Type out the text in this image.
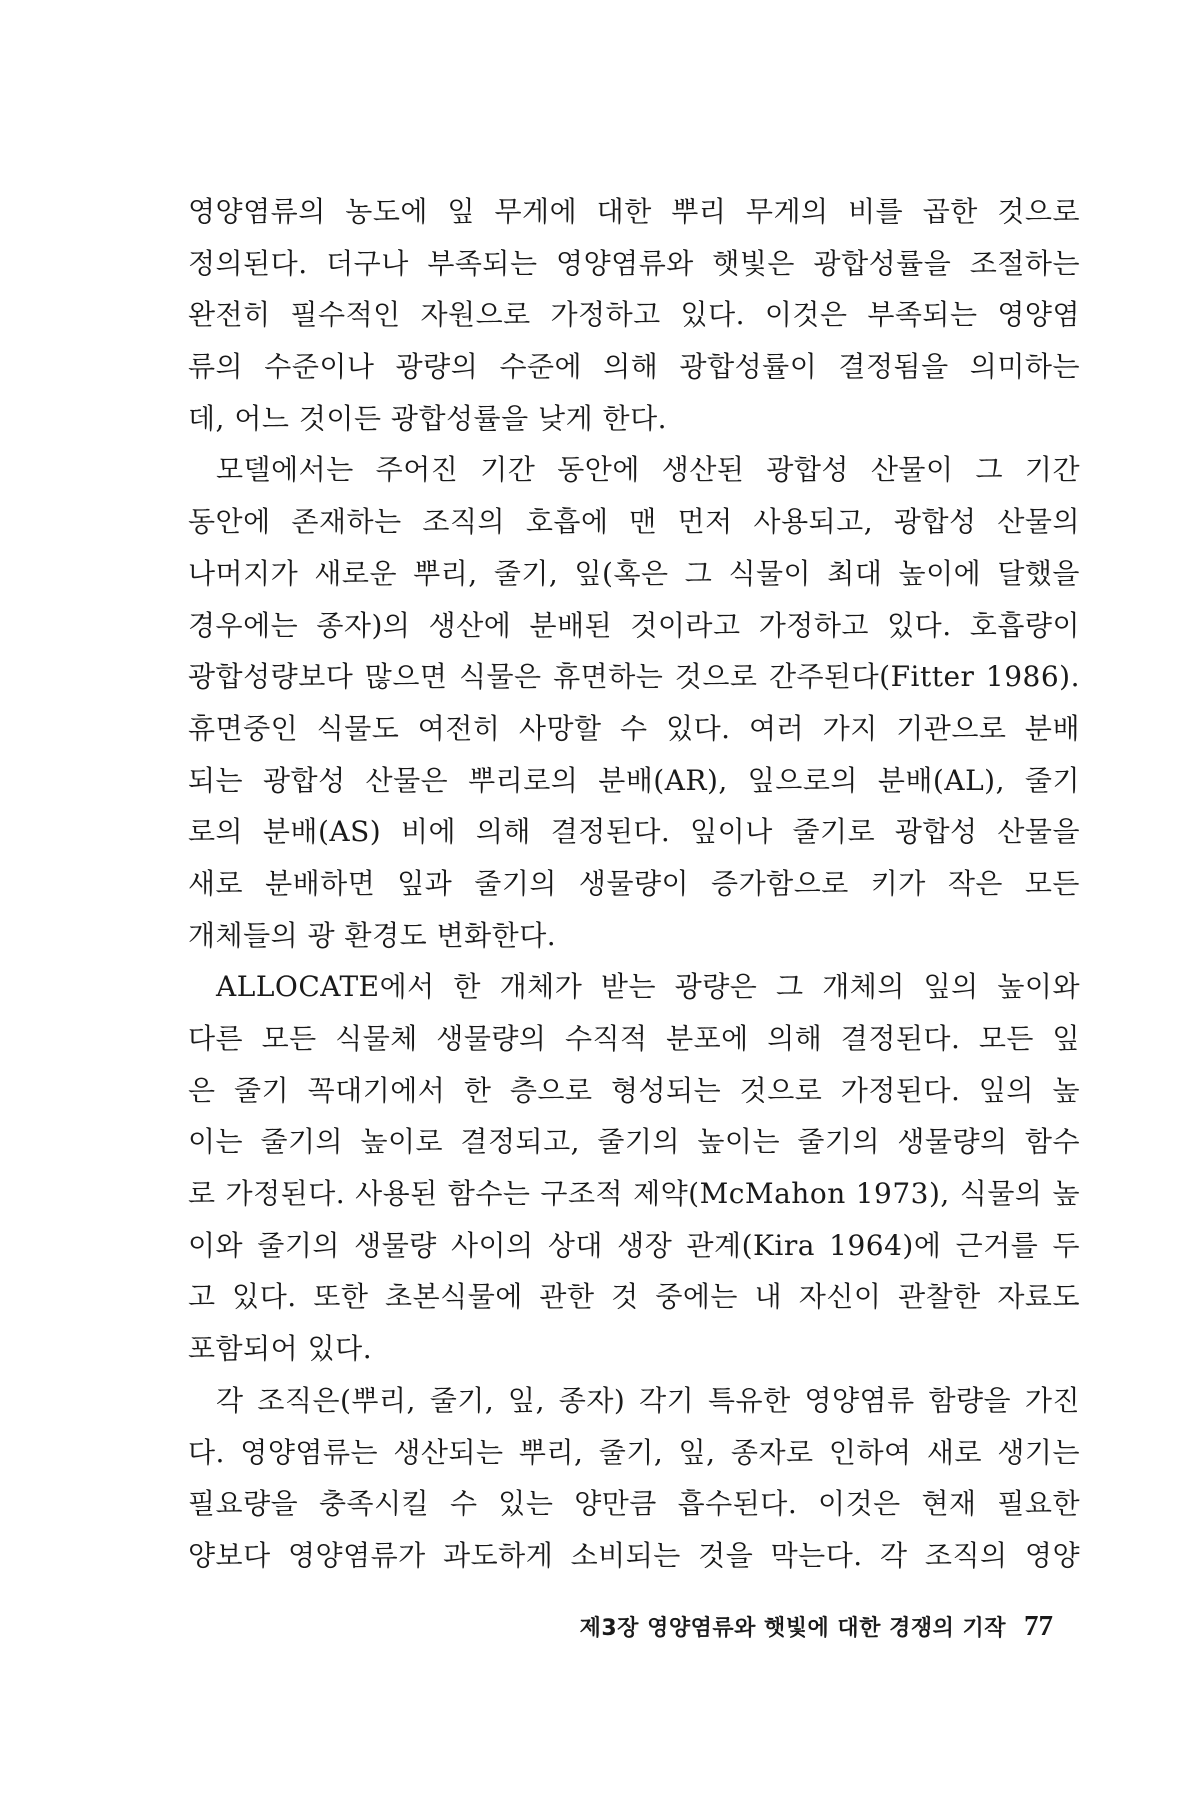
영양염류의 농도에 잎 무게에 대한 뿌리 무게의 비를 곱한 것으로
정의된다. 더구나 부족되는 영양염류와 햇빛은 광합성률을 조절하는
완전히 필수적인 자원으로 가정하고 있다. 이것은 부족되는 영양염
류의 수준이나 광량의 수준에 의해 광합성률이 결정됨을 의미하는
데, 어느 것이든 광합성률을 낮게 한다.
모델에서는 주어진 기간 동안에 생산된 광합성 산물이 그 기간
동안에 존재하는 조직의 호흡에 맨 먼저 사용되고, 광합성 산물의
나머지가 새로운 뿌리, 줄기, 잎(혹은 그 식물이 최대 높이에 달했을
경우에는 종자)의 생산에 분배된 것이라고 가정하고 있다. 호흡량이
광합성량보다 많으면 식물은 휴면하는 것으로 간주된다(Fitter 1986).
휴면중인 식물도 여전히 사망할 수 있다. 여러 가지 기관으로 분배
되는 광합성 산물은 뿌리로의 분배(AR), 잎으로의 분배(AL), 줄기
로의 분배(AS) 비에 의해 결정된다. 잎이나 줄기로 광합성 산물을
새로 분배하면 잎과 줄기의 생물량이 증가함으로 키가 작은 모든
개체들의 광 환경도 변화한다.
ALLOCATE에서 한 개체가 받는 광량은 그 개체의 잎의 높이와
다른 모든 식물체 생물량의 수직적 분포에 의해 결정된다. 모든 잎
은 줄기 꼭대기에서 한 층으로 형성되는 것으로 가정된다. 잎의 높
이는 줄기의 높이로 결정되고, 줄기의 높이는 줄기의 생물량의 함수
로 가정된다. 사용된 함수는 구조적 제약(McMahon 1973), 식물의 높
이와 줄기의 생물량 사이의 상대 생장 관계(Kira 1964)에 근거를 두
고 있다. 또한 초본식물에 관한 것 중에는 내 자신이 관찰한 자료도
포함되어 있다.
각 조직은(뿌리, 줄기, 잎, 종자) 각기 특유한 영양염류 함량을 가진
다. 영양염류는 생산되는 뿌리, 줄기, 잎, 종자로 인하여 새로 생기는
필요량을 충족시킬 수 있는 양만큼 흡수된다. 이것은 현재 필요한
양보다 영양염류가 과도하게 소비되는 것을 막는다. 각 조직의 영양
제3장 영양염류와 햇빛에 대한 경쟁의 기작 77
